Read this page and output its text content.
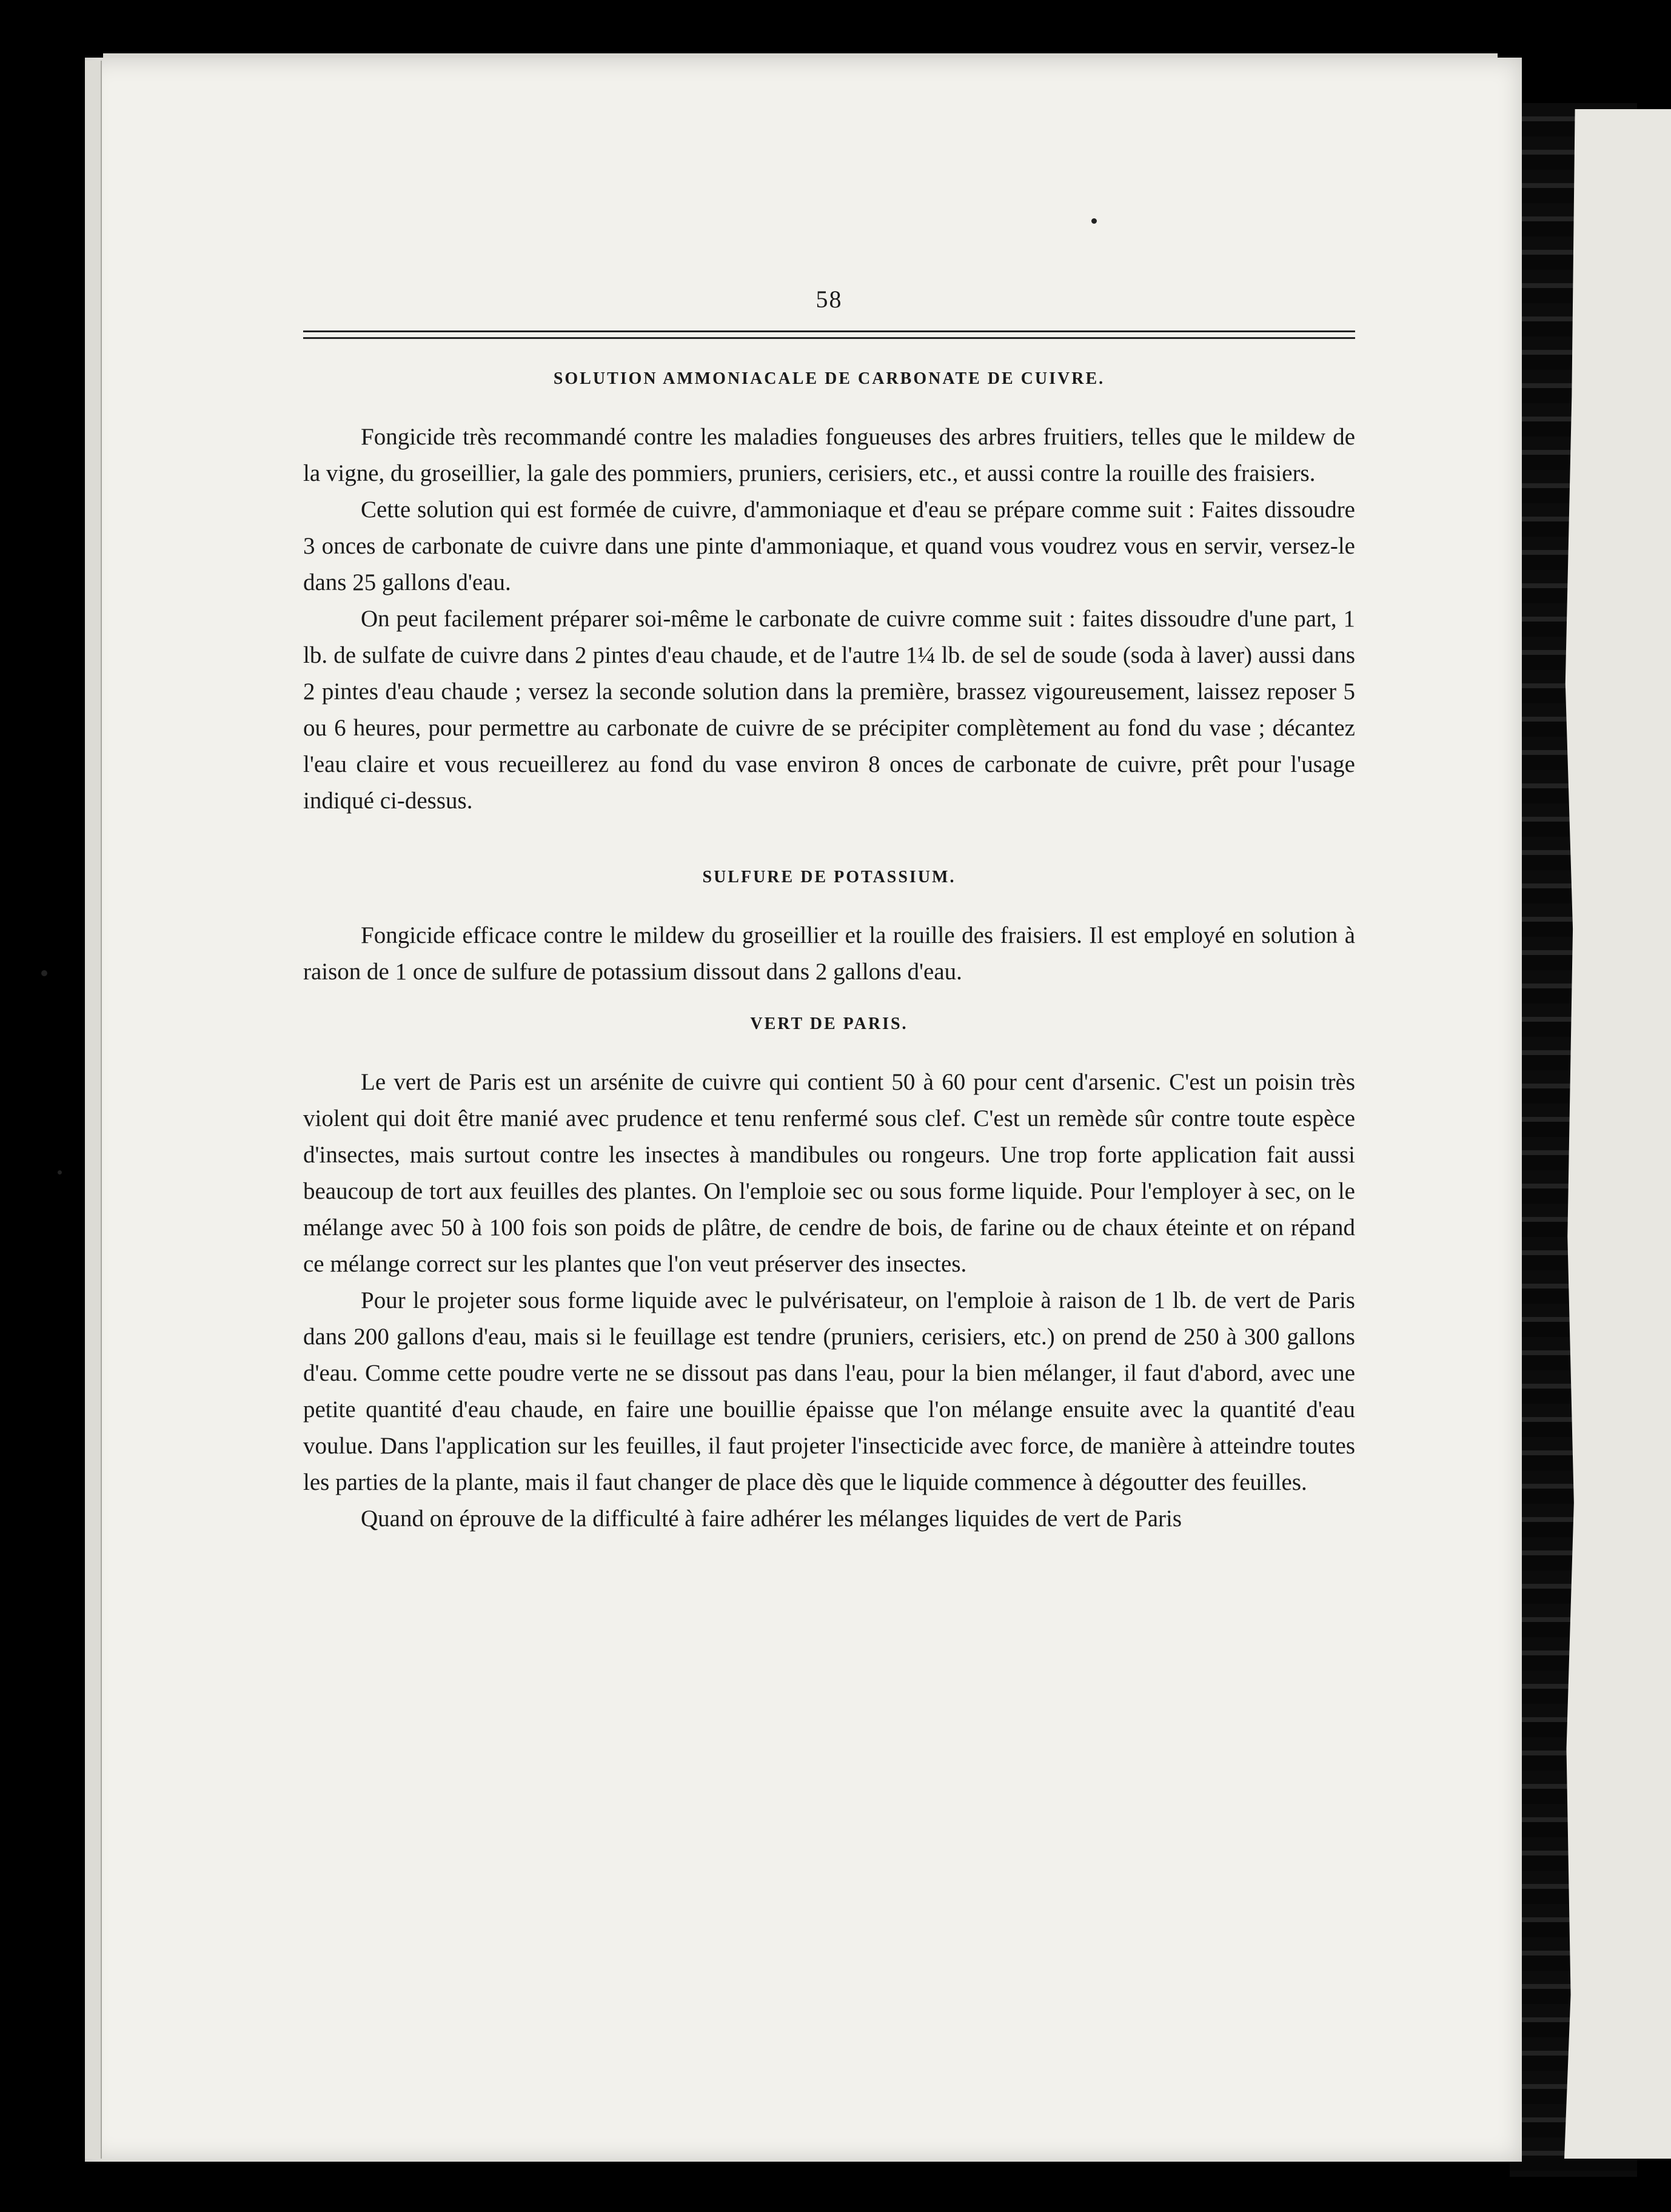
58
SOLUTION AMMONIACALE DE CARBONATE DE CUIVRE.

Fongicide très recommandé contre les maladies fongueuses des arbres fruitiers, telles que le mildew de la vigne, du groseillier, la gale des pommiers, pruniers, cerisiers, etc., et aussi contre la rouille des fraisiers.

Cette solution qui est formée de cuivre, d'ammoniaque et d'eau se prépare comme suit : Faites dissoudre 3 onces de carbonate de cuivre dans une pinte d'ammoniaque, et quand vous voudrez vous en servir, versez-le dans 25 gallons d'eau.

On peut facilement préparer soi-même le carbonate de cuivre comme suit : faites dissoudre d'une part, 1 lb. de sulfate de cuivre dans 2 pintes d'eau chaude, et de l'autre 1¼ lb. de sel de soude (soda à laver) aussi dans 2 pintes d'eau chaude ; versez la seconde solution dans la première, brassez vigoureusement, laissez reposer 5 ou 6 heures, pour permettre au carbonate de cuivre de se précipiter complètement au fond du vase ; décantez l'eau claire et vous recueillerez au fond du vase environ 8 onces de carbonate de cuivre, prêt pour l'usage indiqué ci-dessus.

SULFURE DE POTASSIUM.

Fongicide efficace contre le mildew du groseillier et la rouille des fraisiers. Il est employé en solution à raison de 1 once de sulfure de potassium dissout dans 2 gallons d'eau.

VERT DE PARIS.

Le vert de Paris est un arsénite de cuivre qui contient 50 à 60 pour cent d'arsenic. C'est un poisin très violent qui doit être manié avec prudence et tenu renfermé sous clef. C'est un remède sûr contre toute espèce d'insectes, mais surtout contre les insectes à mandibules ou rongeurs. Une trop forte application fait aussi beaucoup de tort aux feuilles des plantes. On l'emploie sec ou sous forme liquide. Pour l'employer à sec, on le mélange avec 50 à 100 fois son poids de plâtre, de cendre de bois, de farine ou de chaux éteinte et on répand ce mélange correct sur les plantes que l'on veut préserver des insectes.

Pour le projeter sous forme liquide avec le pulvérisateur, on l'emploie à raison de 1 lb. de vert de Paris dans 200 gallons d'eau, mais si le feuillage est tendre (pruniers, cerisiers, etc.) on prend de 250 à 300 gallons d'eau. Comme cette poudre verte ne se dissout pas dans l'eau, pour la bien mélanger, il faut d'abord, avec une petite quantité d'eau chaude, en faire une bouillie épaisse que l'on mélange ensuite avec la quantité d'eau voulue. Dans l'application sur les feuilles, il faut projeter l'insecticide avec force, de manière à atteindre toutes les parties de la plante, mais il faut changer de place dès que le liquide commence à dégoutter des feuilles.

Quand on éprouve de la difficulté à faire adhérer les mélanges liquides de vert de Paris
